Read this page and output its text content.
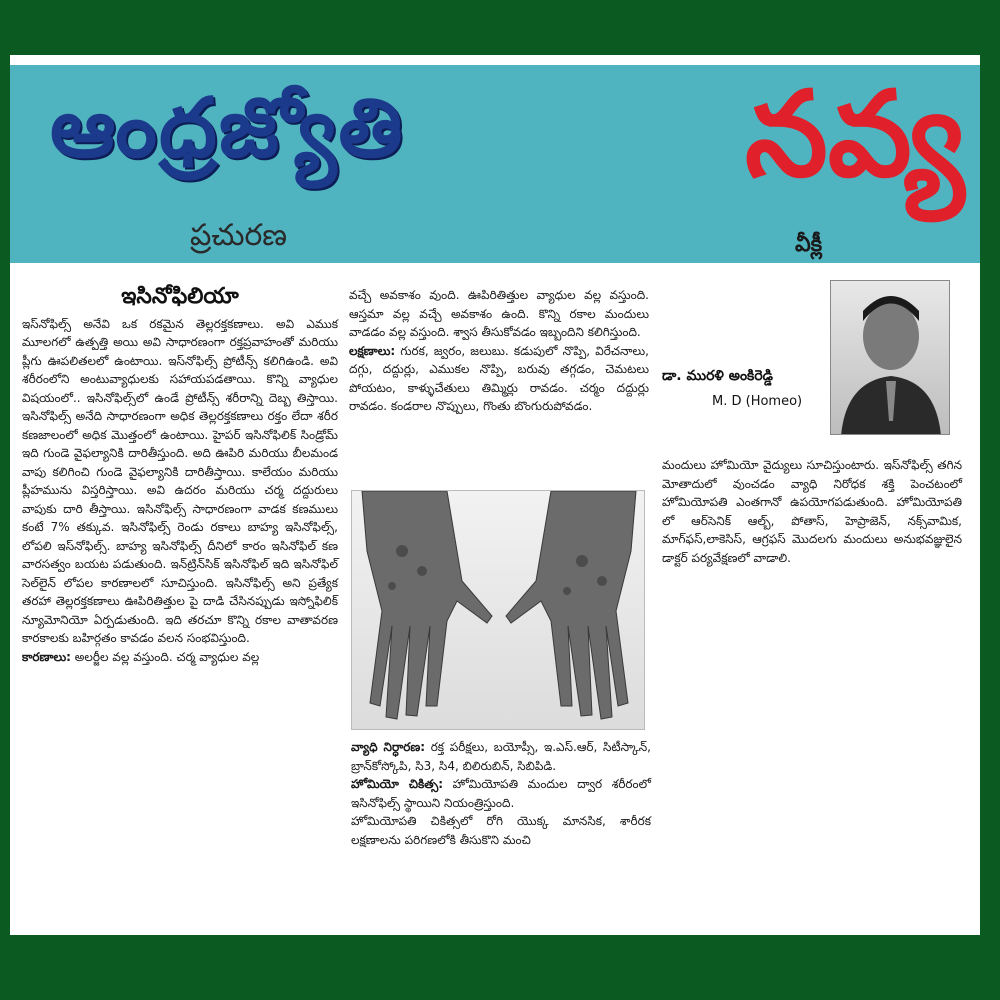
ఆంధ్రజ్యోతి
ప్రచురణ
నవ్య
వీక్లీ
ఇసినోఫిలియా

ఇస్‌నోఫిల్స్ అనేవి ఒక రకమైన తెల్లరక్తకణాలు. అవి ఎముక మూలగలో ఉత్పత్తి అయి అవి సాధారణంగా రక్తప్రవాహంతో మరియు ప్లీగు ఊపలితలలో ఉంటాయి. ఇస్‌నోఫిల్స్ ప్రోటీన్స్ కలిగిఉండి. అవి శరీరంలోని అంటువ్యాధులకు సహాయపడతాయి. కొన్ని వ్యాధుల విషయంలో.. ఇసినోఫిల్స్‌లో ఉండే ప్రోటీన్స్ శరీరాన్ని దెబ్బ తిస్తాయి. ఇసినోఫిల్స్ అనేది సాధారణంగా అధిక తెల్లరక్తకణాలు రక్తం లేదా శరీర కణజాలంలో అధిక మొత్తంలో ఉంటాయి. హైపర్ ఇసినోఫిలిక్ సిండ్రోమ్ ఇది గుండె వైఫల్యానికి దారితీస్తుంది. అది ఊపిరి మరియు బీలమండ వాపు కలిగించి గుండె వైఫల్యానికి దారితీస్తాయి. కాలేయం మరియు ప్లీహమును విస్తరిస్తాయి. అవి ఉదరం మరియు చర్మ దద్దురులు వాపుకు దారి తీస్తాయి. ఇసినోఫిల్స్ సాధారణంగా వాడక కణములు కంటే 7% తక్కువ. ఇసినోఫిల్స్ రెండు రకాలు బాహ్య ఇసినోఫిల్స్, లోపలి ఇస్‌నోఫిల్స్. బాహ్య ఇసినోఫిల్స్ దీనిలో కారం ఇసినోఫిల్ కణ వారసత్వం బయట పడుతుంది. ఇన్‌ట్రిన్‌సిక్ ఇసినోఫిల్ ఇది ఇసినోఫిల్ సెల్‌లైన్ లోపల కారణాలలో సూచిస్తుంది. ఇసినోఫిల్స్ అని ప్రత్యేక తరహా తెల్లరక్తకణాలు ఊపిరితిత్తుల పై దాడి చేసినప్పుడు ఇస్నోఫిలిక్ న్యూమోనియో ఏర్పడుతుంది. ఇది తరచూ కొన్ని రకాల వాతావరణ కారకాలకు బహిర్గతం కావడం వలన సంభవిస్తుంది.

కారణాలు: అలర్జీల వల్ల వస్తుంది. చర్మ వ్యాధుల వల్ల

వచ్చే అవకాశం వుంది. ఊపిరితిత్తుల వ్యాధుల వల్ల వస్తుంది. ఆస్తమా వల్ల వచ్చే అవకాశం ఉంది. కొన్ని రకాల మందులు వాడడం వల్ల వస్తుంది. శ్వాస తీసుకోవడం ఇబ్బందిని కలిగిస్తుంది.

లక్షణాలు: గురక, జ్వరం, జలుబు. కడుపులో నొప్పి, విరేచనాలు, దగ్గు, దద్దుర్లు, ఎముకల నొప్పి, బరువు తగ్గడం, చెమటలు పోయటం, కాళ్ళుచేతులు తిమ్మిర్లు రావడం. చర్మం దద్దుర్లు రావడం. కండరాల నొప్పులు, గొంతు బొంగురుపోవడం.

వ్యాధి నిర్ధారణ: రక్త పరీక్షలు, బయోప్సీ, ఇ.ఎస్.ఆర్, సిటీస్కాన్, బ్రాన్‌కోస్కోపి, సి3, సి4, బిలిరుబిన్, సిబిపిడి.

హోమియో చికిత్స: హోమియోపతి మందుల ద్వార శరీరంలో ఇసినోఫిల్స్ స్థాయిని నియంత్రిస్తుంది.

హోమియోపతి చికిత్సలో రోగి యొక్క మానసిక, శారీరక లక్షణాలను పరిగణలోకి తీసుకొని మంచి

డా. మురళి అంకిరెడ్డి
M. D (Homeo)

మందులు హోమియో వైద్యులు సూచిస్తుంటారు. ఇస్‌నోఫిల్స్ తగిన మోతాదులో వుంచడం వ్యాధి నిరోధక శక్తి పెంచటంలో హోమియోపతి ఎంతగానో ఉపయోగపడుతుంది. హోమియోపతి లో ఆర్‌సెనిక్ ఆల్బ్, పోతాస్, హెప్రాజెన్, నక్స్‌వామిక, మాగ్‌ఫస్,లాకెసిస్, ఆగ్రఫస్ మొదలగు మందులు అనుభవజ్ఞులైన డాక్టర్ పర్యవేక్షణలో వాడాలి.
